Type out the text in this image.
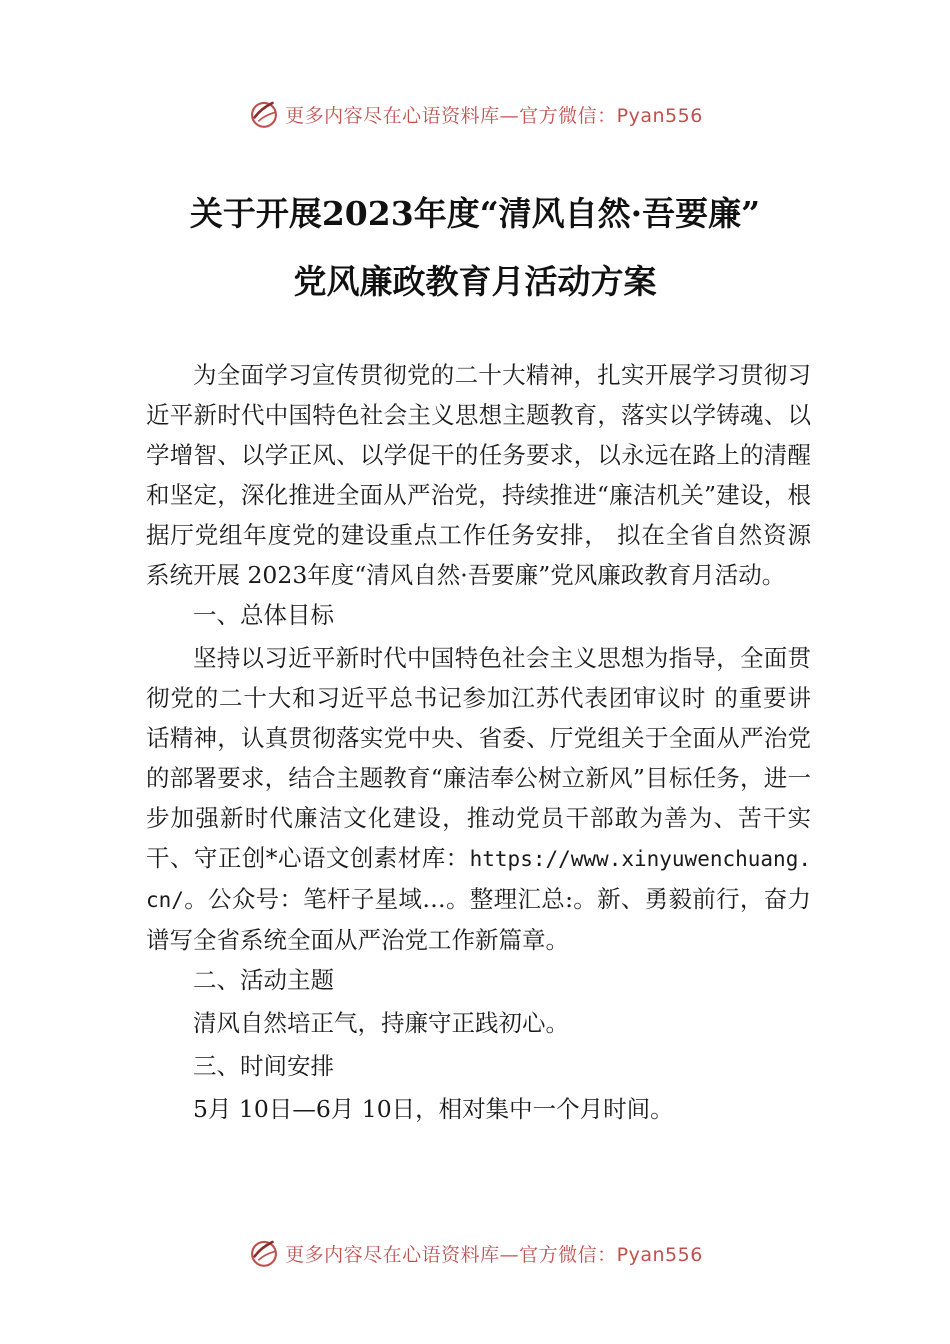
更多内容尽在心语资料库—官方微信：Pyan556
关于开展2023年度“清风自然·吾要廉”
党风廉政教育月活动方案

为全面学习宣传贯彻党的二十大精神，扎实开展学习贯彻习近平新时代中国特色社会主义思想主题教育，落实以学铸魂、以学增智、以学正风、以学促干的任务要求，以永远在路上的清醒和坚定，深化推进全面从严治党，持续推进“廉洁机关”建设，根据厅党组年度党的建设重点工作任务安排， 拟在全省自然资源系统开展 2023年度“清风自然·吾要廉”党风廉政教育月活动。

一、总体目标

坚持以习近平新时代中国特色社会主义思想为指导，全面贯彻党的二十大和习近平总书记参加江苏代表团审议时 的重要讲话精神，认真贯彻落实党中央、省委、厅党组关于全面从严治党的部署要求，结合主题教育“廉洁奉公树立新风”目标任务，进一步加强新时代廉洁文化建设，推动党员干部敢为善为、苦干实干、守正创*心语文创素材库：https://www.xinyuwenchuang.cn/。公众号：笔杆子星域…。整理汇总:。新、勇毅前行，奋力谱写全省系统全面从严治党工作新篇章。

二、活动主题

清风自然培正气，持廉守正践初心。

三、时间安排

5月 10日—6月 10日，相对集中一个月时间。

更多内容尽在心语资料库—官方微信：Pyan556
